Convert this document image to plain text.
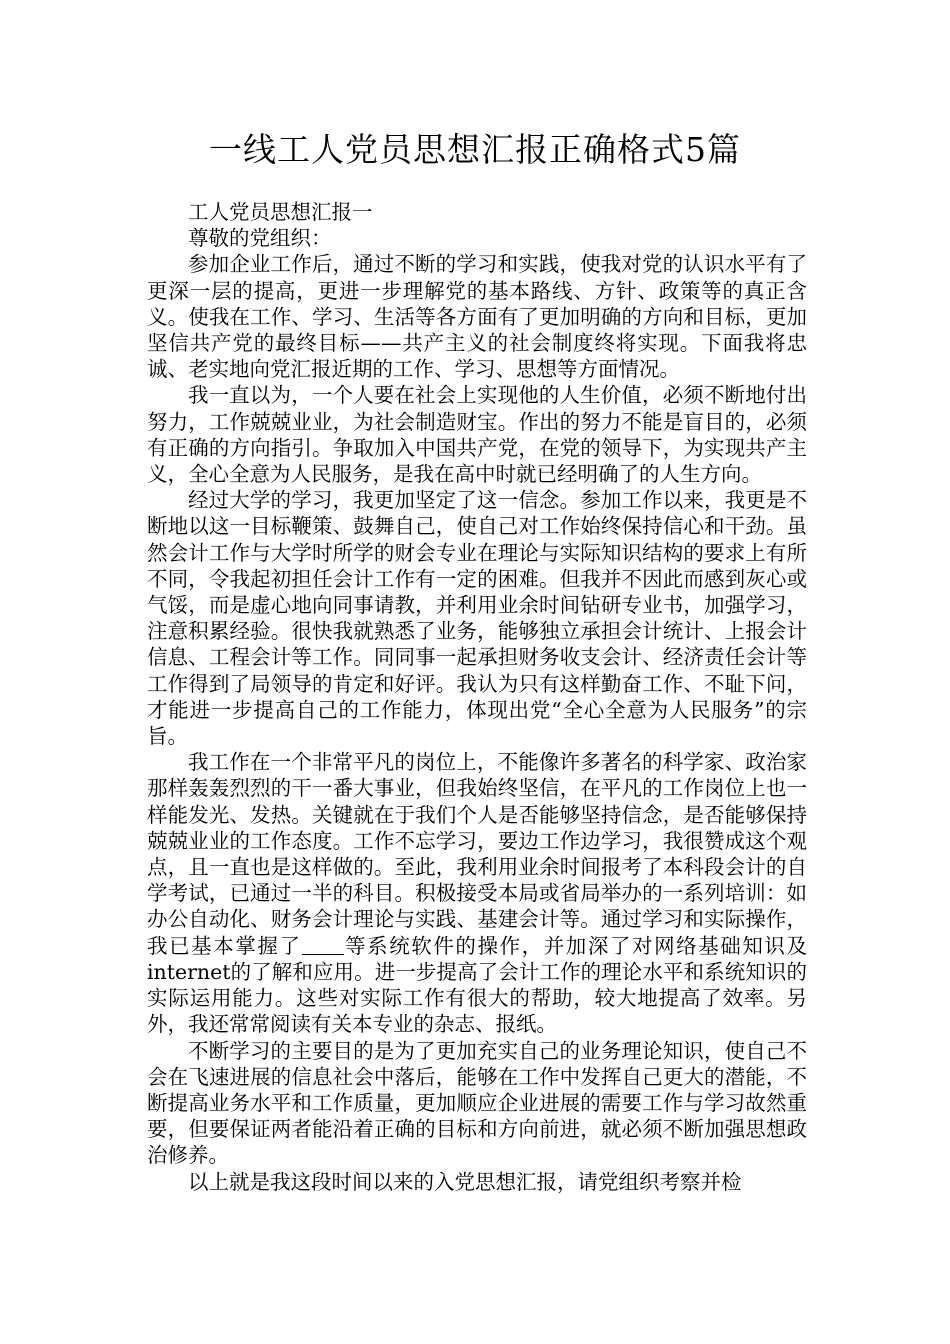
一线工人党员思想汇报正确格式5篇

工人党员思想汇报一

尊敬的党组织：

参加企业工作后，通过不断的学习和实践，使我对党的认识水平有了更深一层的提高，更进一步理解党的基本路线、方针、政策等的真正含义。使我在工作、学习、生活等各方面有了更加明确的方向和目标，更加坚信共产党的最终目标——共产主义的社会制度终将实现。下面我将忠诚、老实地向党汇报近期的工作、学习、思想等方面情况。

我一直以为，一个人要在社会上实现他的人生价值，必须不断地付出努力，工作兢兢业业，为社会制造财宝。作出的努力不能是盲目的，必须有正确的方向指引。争取加入中国共产党，在党的领导下，为实现共产主义，全心全意为人民服务，是我在高中时就已经明确了的人生方向。

经过大学的学习，我更加坚定了这一信念。参加工作以来，我更是不断地以这一目标鞭策、鼓舞自己，使自己对工作始终保持信心和干劲。虽然会计工作与大学时所学的财会专业在理论与实际知识结构的要求上有所不同，令我起初担任会计工作有一定的困难。但我并不因此而感到灰心或气馁，而是虚心地向同事请教，并利用业余时间钻研专业书，加强学习，注意积累经验。很快我就熟悉了业务，能够独立承担会计统计、上报会计信息、工程会计等工作。同同事一起承担财务收支会计、经济责任会计等工作得到了局领导的肯定和好评。我认为只有这样勤奋工作、不耻下问，才能进一步提高自己的工作能力，体现出党“全心全意为人民服务”的宗旨。

我工作在一个非常平凡的岗位上，不能像许多著名的科学家、政治家那样轰轰烈烈的干一番大事业，但我始终坚信，在平凡的工作岗位上也一样能发光、发热。关键就在于我们个人是否能够坚持信念，是否能够保持兢兢业业的工作态度。工作不忘学习，要边工作边学习，我很赞成这个观点，且一直也是这样做的。至此，我利用业余时间报考了本科段会计的自学考试，已通过一半的科目。积极接受本局或省局举办的一系列培训：如办公自动化、财务会计理论与实践、基建会计等。通过学习和实际操作，我已基本掌握了 等系统软件的操作，并加深了对网络基础知识及internet的了解和应用。进一步提高了会计工作的理论水平和系统知识的实际运用能力。这些对实际工作有很大的帮助，较大地提高了效率。另外，我还常常阅读有关本专业的杂志、报纸。

不断学习的主要目的是为了更加充实自己的业务理论知识，使自己不会在飞速进展的信息社会中落后，能够在工作中发挥自己更大的潜能，不断提高业务水平和工作质量，更加顺应企业进展的需要工作与学习故然重要，但要保证两者能沿着正确的目标和方向前进，就必须不断加强思想政治修养。

以上就是我这段时间以来的入党思想汇报，请党组织考察并检
